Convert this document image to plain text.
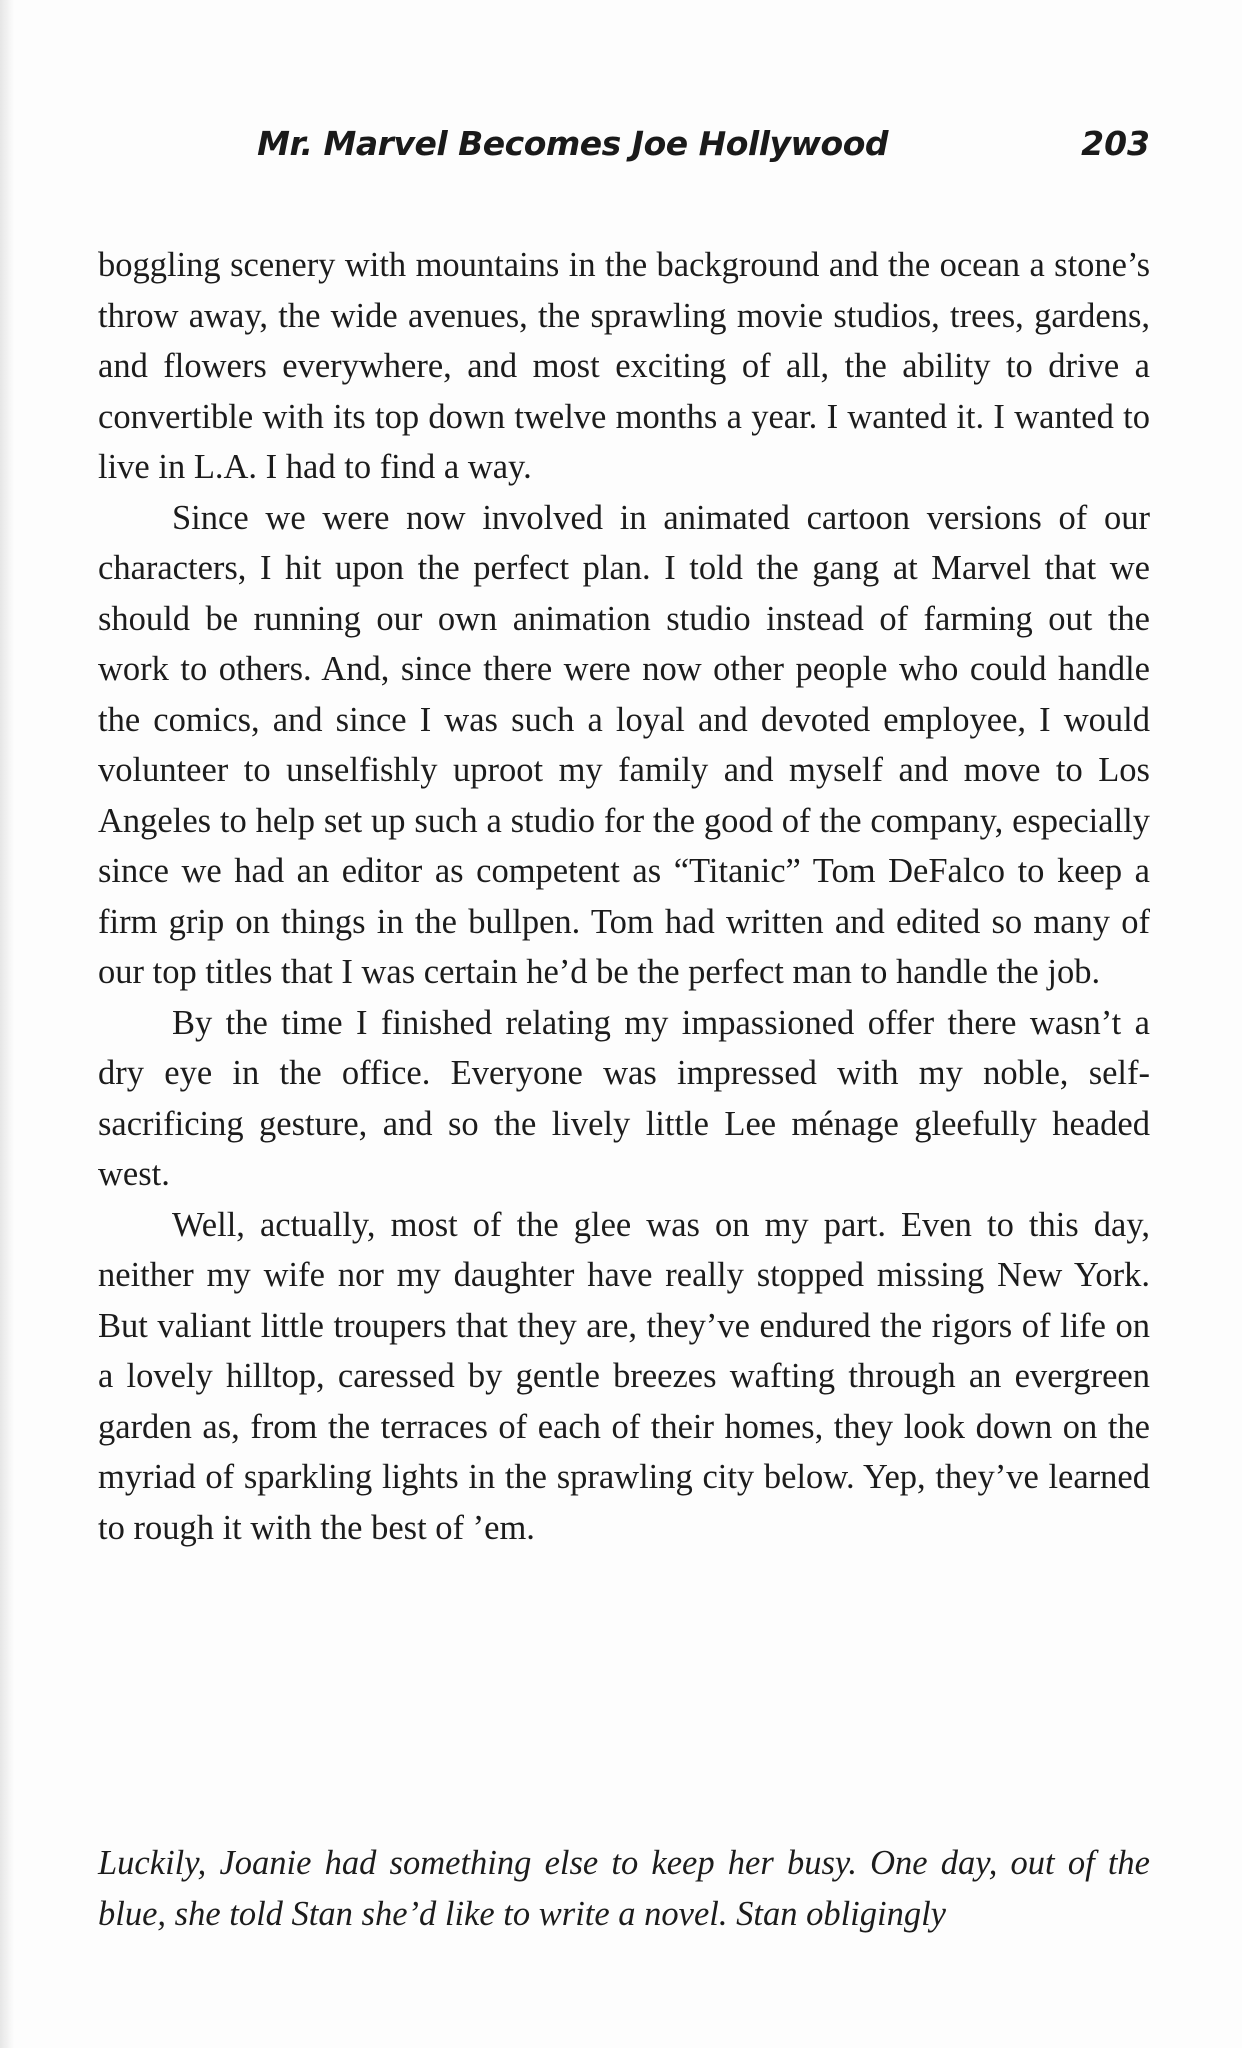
Mr. Marvel Becomes Joe Hollywood	203

boggling scenery with mountains in the background and the ocean a stone’s throw away, the wide avenues, the sprawling movie studios, trees, gardens, and flowers everywhere, and most exciting of all, the ability to drive a convertible with its top down twelve months a year. I wanted it. I wanted to live in L.A. I had to find a way.

Since we were now involved in animated cartoon versions of our characters, I hit upon the perfect plan. I told the gang at Marvel that we should be running our own animation studio instead of farming out the work to others. And, since there were now other people who could handle the comics, and since I was such a loyal and devoted employee, I would volunteer to unselfishly uproot my family and myself and move to Los Angeles to help set up such a studio for the good of the company, especially since we had an editor as competent as “Titanic” Tom DeFalco to keep a firm grip on things in the bullpen. Tom had written and edited so many of our top titles that I was certain he’d be the perfect man to handle the job.

By the time I finished relating my impassioned offer there wasn’t a dry eye in the office. Everyone was impressed with my noble, self-sacrificing gesture, and so the lively little Lee ménage gleefully headed west.

Well, actually, most of the glee was on my part. Even to this day, neither my wife nor my daughter have really stopped missing New York. But valiant little troupers that they are, they’ve endured the rigors of life on a lovely hilltop, caressed by gentle breezes wafting through an evergreen garden as, from the terraces of each of their homes, they look down on the myriad of sparkling lights in the sprawling city below. Yep, they’ve learned to rough it with the best of ’em.

Luckily, Joanie had something else to keep her busy. One day, out of the blue, she told Stan she’d like to write a novel. Stan obligingly
